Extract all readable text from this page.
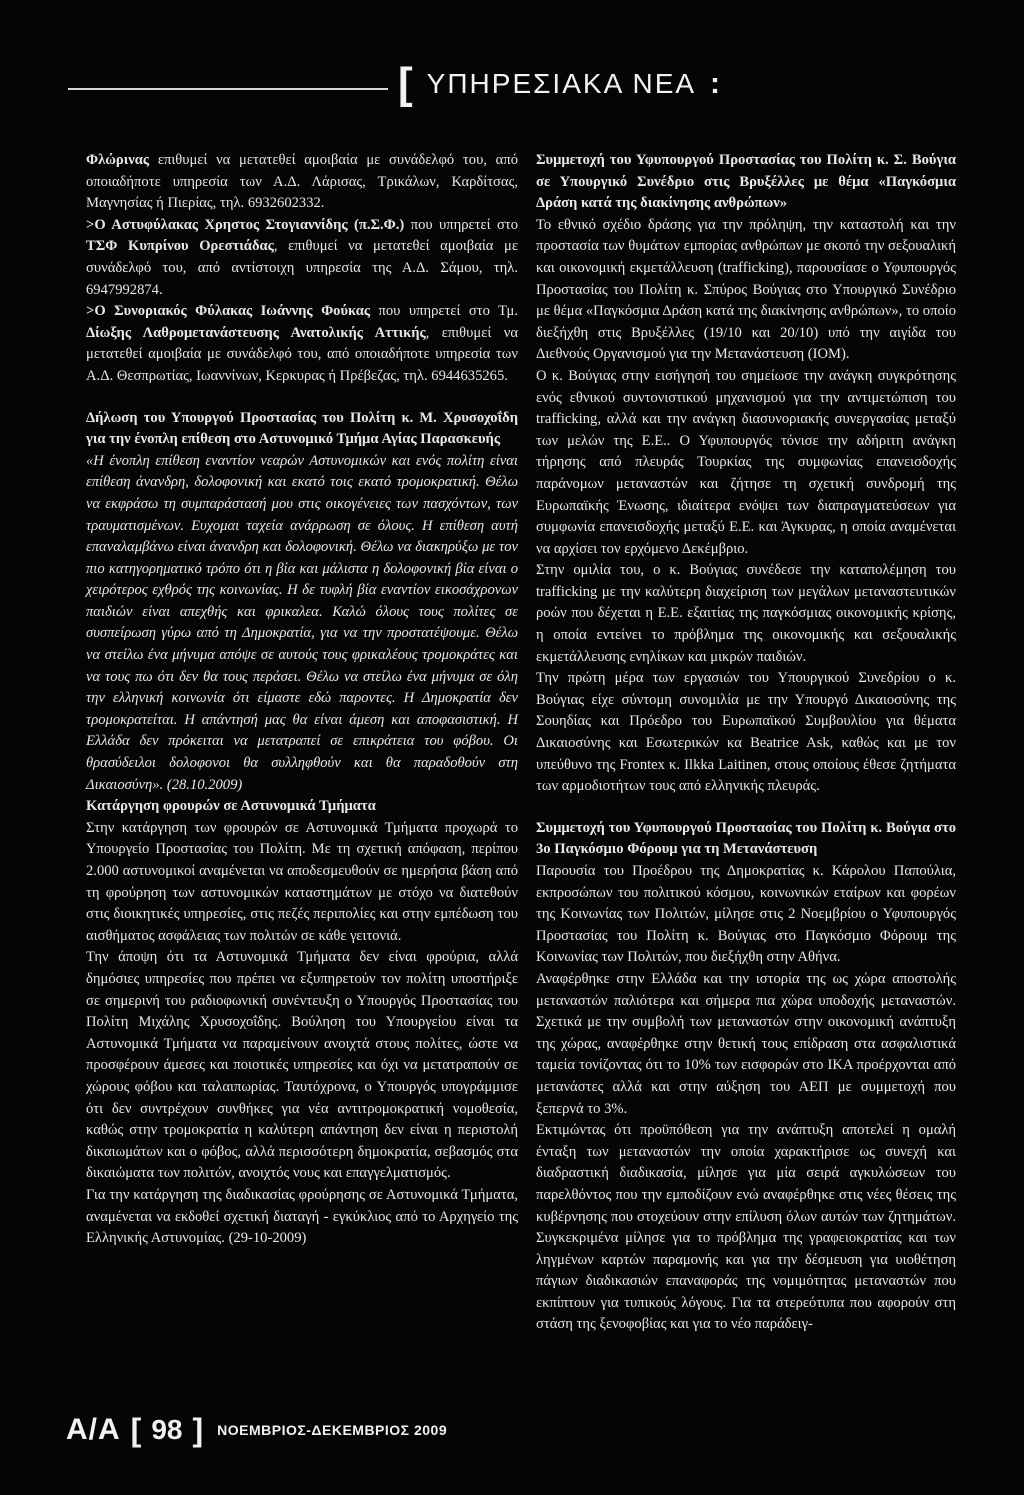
[ ΥΠΗΡΕΣΙΑΚΑ ΝΕΑ :

Φλώρινας επιθυμεί να μετατεθεί αμοιβαία με συνάδελφό του, από οποιαδήποτε υπηρεσία των Α.Δ. Λάρισας, Τρικάλων, Καρδίτσας, Μαγνησίας ή Πιερίας, τηλ. 6932602332.

>Ο Αστυφύλακας Χρηστος Στογιαννίδης (π.Σ.Φ.) που υπηρετεί στο ΤΣΦ Κυπρίνου Ορεστιάδας, επιθυμεί να μετατεθεί αμοιβαία με συνάδελφό του, από αντίστοιχη υπηρεσία της Α.Δ. Σάμου, τηλ. 6947992874.

>Ο Συνοριακός Φύλακας Ιωάννης Φούκας που υπηρετεί στο Τμ. Δίωξης Λαθρομετανάστευσης Ανατολικής Αττικής, επιθυμεί να μετατεθεί αμοιβαία με συνάδελφό του, από οποιαδήποτε υπηρεσία των Α.Δ. Θεσπρωτίας, Ιωαννίνων, Κερκυρας ή Πρέβεζας, τηλ. 6944635265.

Δήλωση του Υπουργού Προστασίας του Πολίτη κ. Μ. Χρυσοχοΐδη για την ένοπλη επίθεση στο Αστυνομικό Τμήμα Αγίας Παρασκευής

«Η ένοπλη επίθεση εναντίον νεαρών Αστυνομικών και ενός πολίτη είναι επίθεση άνανδρη, δολοφονική και εκατό τοις εκατό τρομοκρατική. Θέλω να εκφράσω τη συμπαράστασή μου στις οικογένειες των πασχόντων, των τραυματισμένων. Ευχομαι ταχεία ανάρρωση σε όλους. Η επίθεση αυτή επαναλαμβάνω είναι άνανδρη και δολοφονική. Θέλω να διακηρύξω με τον πιο κατηγορηματικό τρόπο ότι η βία και μάλιστα η δολοφονική βία είναι ο χειρότερος εχθρός της κοινωνίας. Η δε τυφλή βία εναντίον εικοσάχρονων παιδιών είναι απεχθής και φρικαλεα. Καλώ όλους τους πολίτες σε συσπείρωση γύρω από τη Δημοκρατία, για να την προστατέψουμε. Θέλω να στείλω ένα μήνυμα απόψε σε αυτούς τους φρικαλέους τρομοκράτες και να τους πω ότι δεν θα τους περάσει. Θέλω να στείλω ένα μήνυμα σε όλη την ελληνική κοινωνία ότι είμαστε εδώ παροντες. Η Δημοκρατία δεν τρομοκρατείται. Η απάντησή μας θα είναι άμεση και αποφασιστική. Η Ελλάδα δεν πρόκειται να μετατραπεί σε επικράτεια του φόβου. Οι θρασύδειλοι δολοφονοι θα συλληφθούν και θα παραδοθούν στη Δικαιοσύνη». (28.10.2009)

Κατάργηση φρουρών σε Αστυνομικά Τμήματα

Στην κατάργηση των φρουρών σε Αστυνομικά Τμήματα προχωρά το Υπουργείο Προστασίας του Πολίτη. Με τη σχετική απόφαση, περίπου 2.000 αστυνομικοί αναμένεται να αποδεσμευθούν σε ημερήσια βάση από τη φρούρηση των αστυνομικών καταστημάτων με στόχο να διατεθούν στις διοικητικές υπηρεσίες, στις πεζές περιπολίες και στην εμπέδωση του αισθήματος ασφάλειας των πολιτών σε κάθε γειτονιά.

Την άποψη ότι τα Αστυνομικά Τμήματα δεν είναι φρούρια, αλλά δημόσιες υπηρεσίες που πρέπει να εξυπηρετούν τον πολίτη υποστήριξε σε σημερινή του ραδιοφωνική συνέντευξη ο Υπουργός Προστασίας του Πολίτη Μιχάλης Χρυσοχοΐδης. Βούληση του Υπουργείου είναι τα Αστυνομικά Τμήματα να παραμείνουν ανοιχτά στους πολίτες, ώστε να προσφέρουν άμεσες και ποιοτικές υπηρεσίες και όχι να μετατραπούν σε χώρους φόβου και ταλαιπωρίας. Ταυτόχρονα, ο Υπουργός υπογράμμισε ότι δεν συντρέχουν συνθήκες για νέα αντιτρομοκρατική νομοθεσία, καθώς στην τρομοκρατία η καλύτερη απάντηση δεν είναι η περιστολή δικαιωμάτων και ο φόβος, αλλά περισσότερη δημοκρατία, σεβασμός στα δικαιώματα των πολιτών, ανοιχτός νους και επαγγελματισμός.

Για την κατάργηση της διαδικασίας φρούρησης σε Αστυνομικά Τμήματα, αναμένεται να εκδοθεί σχετική διαταγή - εγκύκλιος από το Αρχηγείο της Ελληνικής Αστυνομίας. (29-10-2009)

Συμμετοχή του Υφυπουργού Προστασίας του Πολίτη κ. Σ. Βούγια σε Υπουργικό Συνέδριο στις Βρυξέλλες με θέμα «Παγκόσμια Δράση κατά της διακίνησης ανθρώπων»

Το εθνικό σχέδιο δράσης για την πρόληψη, την καταστολή και την προστασία των θυμάτων εμπορίας ανθρώπων με σκοπό την σεξουαλική και οικονομική εκμετάλλευση (trafficking), παρουσίασε ο Υφυπουργός Προστασίας του Πολίτη κ. Σπύρος Βούγιας στο Υπουργικό Συνέδριο με θέμα «Παγκόσμια Δράση κατά της διακίνησης ανθρώπων», το οποίο διεξήχθη στις Βρυξέλλες (19/10 και 20/10) υπό την αιγίδα του Διεθνούς Οργανισμού για την Μετανάστευση (ΙΟΜ).

Ο κ. Βούγιας στην εισήγησή του σημείωσε την ανάγκη συγκρότησης ενός εθνικού συντονιστικού μηχανισμού για την αντιμετώπιση του trafficking, αλλά και την ανάγκη διασυνοριακής συνεργασίας μεταξύ των μελών της Ε.Ε.. Ο Υφυπουργός τόνισε την αδήριτη ανάγκη τήρησης από πλευράς Τουρκίας της συμφωνίας επανεισδοχής παράνομων μεταναστών και ζήτησε τη σχετική συνδρομή της Ευρωπαϊκής Ένωσης, ιδιαίτερα ενόψει των διαπραγματεύσεων για συμφωνία επανεισδοχής μεταξύ Ε.Ε. και Άγκυρας, η οποία αναμένεται να αρχίσει τον ερχόμενο Δεκέμβριο.

Στην ομιλία του, ο κ. Βούγιας συνέδεσε την καταπολέμηση του trafficking με την καλύτερη διαχείριση των μεγάλων μεταναστευτικών ροών που δέχεται η Ε.Ε. εξαιτίας της παγκόσμιας οικονομικής κρίσης, η οποία εντείνει το πρόβλημα της οικονομικής και σεξουαλικής εκμετάλλευσης ενηλίκων και μικρών παιδιών.

Την πρώτη μέρα των εργασιών του Υπουργικού Συνεδρίου ο κ. Βούγιας είχε σύντομη συνομιλία με την Υπουργό Δικαιοσύνης της Σουηδίας και Πρόεδρο του Ευρωπαϊκού Συμβουλίου για θέματα Δικαιοσύνης και Εσωτερικών κα Beatrice Ask, καθώς και με τον υπεύθυνο της Frontex κ. Ilkka Laitinen, στους οποίους έθεσε ζητήματα των αρμοδιοτήτων τους από ελληνικής πλευράς.

Συμμετοχή του Υφυπουργού Προστασίας του Πολίτη κ. Βούγια στο 3ο Παγκόσμιο Φόρουμ για τη Μετανάστευση

Παρουσία του Προέδρου της Δημοκρατίας κ. Κάρολου Παπούλια, εκπροσώπων του πολιτικού κόσμου, κοινωνικών εταίρων και φορέων της Κοινωνίας των Πολιτών, μίλησε στις 2 Νοεμβρίου ο Υφυπουργός Προστασίας του Πολίτη κ. Βούγιας στο Παγκόσμιο Φόρουμ της Κοινωνίας των Πολιτών, που διεξήχθη στην Αθήνα.

Αναφέρθηκε στην Ελλάδα και την ιστορία της ως χώρα αποστολής μεταναστών παλιότερα και σήμερα πια χώρα υποδοχής μεταναστών. Σχετικά με την συμβολή των μεταναστών στην οικονομική ανάπτυξη της χώρας, αναφέρθηκε στην θετική τους επίδραση στα ασφαλιστικά ταμεία τονίζοντας ότι το 10% των εισφορών στο ΙΚΑ προέρχονται από μετανάστες αλλά και στην αύξηση του ΑΕΠ με συμμετοχή που ξεπερνά το 3%.

Εκτιμώντας ότι προϋπόθεση για την ανάπτυξη αποτελεί η ομαλή ένταξη των μεταναστών την οποία χαρακτήρισε ως συνεχή και διαδραστική διαδικασία, μίλησε για μία σειρά αγκυλώσεων του παρελθόντος που την εμποδίζουν ενώ αναφέρθηκε στις νέες θέσεις της κυβέρνησης που στοχεύουν στην επίλυση όλων αυτών των ζητημάτων. Συγκεκριμένα μίλησε για το πρόβλημα της γραφειοκρατίας και των ληγμένων καρτών παραμονής και για την δέσμευση για υιοθέτηση πάγιων διαδικασιών επαναφοράς της νομιμότητας μεταναστών που εκπίπτουν για τυπικούς λόγους. Για τα στερεότυπα που αφορούν στη στάση της ξενοφοβίας και για το νέο παράδειγ-

Α/Α [ 98 ] ΝΟΕΜΒΡΙΟΣ-ΔΕΚΕΜΒΡΙΟΣ 2009
